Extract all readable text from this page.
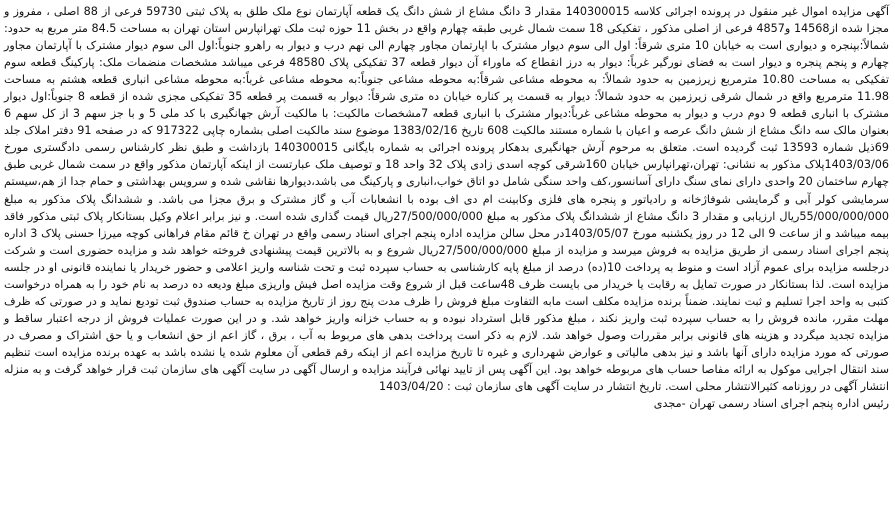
آگهی مزایده اموال غیر منقول در پرونده اجرائی کلاسه 140300015 مقدار 3 دانگ مشاع از شش دانگ یک قطعه آپارتمان نوع ملک طلق به پلاک ثبتی 59730 فرعی از 88 اصلی ، مفروز و مجزا شده از14568 و4857 فرعی از اصلی مذکور ، تفکیکی 18 سمت شمال غربی طبقه چهارم واقع در بخش 11 حوزه ثبت ملک تهرانپارس استان تهران به مساحت 84.5 متر مربع به حدود: شمالاً:بپنجره و دیواری است به خیابان 10 متری شرقاً: اول الی سوم دیوار مشترک با اپارتمان مجاور چهارم الی نهم درب و دیوار به راهرو جنوباً:اول الی سوم دیوار مشترک با آپارتمان مجاور چهارم و پنجم پنجره و دیوار است به فضای نورگیر غرباً: دیوار به درز انقطاع که ماوراء آن دیوار قطعه 37 تفکیکی پلاک 48580 فرعی میباشد مشخصات منضمات ملک: پارکینگ قطعه سوم تفکیکی به مساحت 10.80 مترمربع زیرزمین به حدود شمالاً: به محوطه مشاعی شرقاً:به محوطه مشاعی جنوباً:به محوطه مشاعی غرباً:به محوطه مشاعی انباری قطعه هشتم به مساحت 11.98 مترمربع واقع در شمال شرقی زیرزمین به حدود شمالاً: دیوار به قسمت پر کناره خیابان ده متری شرقاً: دیوار به قسمت پر قطعه 35 تفکیکی مجزی شده از قطعه 8 جنوباً:اول دیوار مشترک با انباری قطعه 9 دوم درب و دیوار به محوطه مشاعی غرباً:دیوار مشترک با انباری قطعه 7مشخصات مالکیت: با مالکیت آرش جهانگیری با کد ملی 5 و با جز سهم 3 از کل سهم 6 بعنوان مالک سه دانگ مشاع از شش دانگ عرصه و اعیان با شماره مستند مالکیت 608 تاریخ 1383/02/16 موضوع سند مالکیت اصلی بشماره چاپی 917322 که در صفحه 91 دفتر املاک جلد 69ذیل شماره 13593 ثبت گردیده است. متعلق به مرحوم آرش جهانگیری بدهکار پرونده اجرائی به شماره بایگانی 140300015 بازداشت و طبق نظر کارشناس رسمی دادگستری مورخ 1403/03/06پلاک مذکور به نشانی: تهران،تهرانپارس خیابان 160شرقی کوچه اسدی زادی پلاک 32 واحد 18 و توصیف ملک عبارتست از اینکه آپارتمان مذکور واقع در سمت شمال غربی طبق چهارم ساختمان 20 واحدی دارای نمای سنگ دارای آسانسور،کف واحد سنگی شامل دو اتاق خواب،انباری و پارکینگ می باشد،دیوارها نقاشی شده و سرویس بهداشتی و حمام جدا از هم،سیستم سرمایشی کولر آبی و گرمایشی شوفاژخانه و رادیاتور و پنجره های فلزی وکابینت ام دی اف بوده با انشعابات آب و گاز مشترک و برق مجزا می باشد. و ششدانگ پلاک مذکور به مبلغ 55/000/000/000ریال ارزیابی و مقدار 3 دانگ مشاع از ششدانگ پلاک مذکور به مبلغ 27/500/000/000ریال قیمت گذاری شده است. و نیز برابر اعلام وکیل بستانکار پلاک ثبتی مذکور فاقد بیمه میباشد و از ساعت 9 الی 12 در روز یکشنبه مورخ 1403/05/07در محل سالن مزایده اداره پنجم اجرای اسناد رسمی واقع در تهران خ قائم مقام فراهانی کوچه میرزا حسنی پلاک 3 اداره پنجم اجرای اسناد رسمی از طریق مزایده به فروش میرسد و مزایده از مبلغ 27/500/000/000ریال شروع و به بالاترین قیمت پیشنهادی فروخته خواهد شد و مزایده حضوری است و شرکت درجلسه مزایده برای عموم آزاد است و منوط به پرداخت 10(ده) درصد از مبلغ پایه کارشناسی به حساب سپرده ثبت و تحت شناسه واریز اعلامی و حضور خریدار یا نماینده قانونی او در جلسه مزایده است. لذا بستانکار در صورت تمایل به رقابت یا خریدار می بایست ظرف 48ساعت قبل از شروع وقت مزایده اصل فیش واریزی مبلغ ودیعه ده درصد به نام خود را به همراه درخواست کتبی به واحد اجرا تسلیم و ثبت نمایند. ضمناً برنده مزایده مکلف است مابه التفاوت مبلغ فروش را ظرف مدت پنج روز از تاریخ مزایده به حساب صندوق ثبت تودیع نماید و در صورتی که ظرف مهلت مقرر، مانده فروش را به حساب سپرده ثبت واریز نکند ، مبلغ مذکور قابل استرداد نبوده و به حساب خزانه واریز خواهد شد. و در این صورت عملیات فروش از درجه اعتبار ساقط و مزایده تجدید میگردد و هزینه های قانونی برابر مقررات وصول خواهد شد. لازم به ذکر است پرداخت بدهی های مربوط به آب ، برق ، گاز اعم از حق انشعاب و یا حق اشتراک و مصرف در صورتی که مورد مزایده دارای آنها باشد و نیز بدهی مالیاتی و عوارض شهرداری و غیره تا تاریخ مزایده اعم از اینکه رقم قطعی آن معلوم شده یا نشده باشد به عهده برنده مزایده است تنظیم سند انتقال اجرایی موکول به ارائه مفاصا حساب های مربوطه خواهد بود. این آگهی پس از تایید نهائی فرآیند مزایده و ارسال آگهی در سایت آگهی های سازمان ثبت قرار خواهد گرفت و به منزله انتشار آگهی در روزنامه کثیرالانتشار محلی است. تاریخ انتشار در سایت آگهی های سازمان ثبت : 1403/04/20

رئیس اداره پنجم اجرای اسناد رسمی تهران -مجدی
